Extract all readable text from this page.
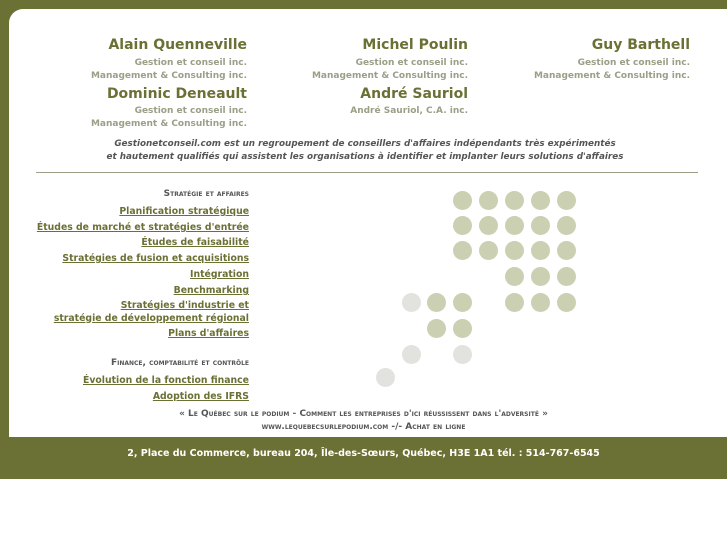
Alain Quenneville
Gestion et conseil inc.
Management & Consulting inc.
Michel Poulin
Gestion et conseil inc.
Management & Consulting inc.
Guy Barthell
Gestion et conseil inc.
Management & Consulting inc.
Dominic Deneault
Gestion et conseil inc.
Management & Consulting inc.
André Sauriol
André Sauriol, C.A. inc.
Gestionetconseil.com est un regroupement de conseillers d'affaires indépendants très expérimentés
et hautement qualifiés qui assistent les organisations à identifier et implanter leurs solutions d'affaires
Stratégie et affaires
Planification stratégique
Études de marché et stratégies d'entrée
Études de faisabilité
Stratégies de fusion et acquisitions
Intégration
Benchmarking
Stratégies d'industrie et
stratégie de développement régional
Plans d'affaires
Finance, comptabilité et contrôle
Évolution de la fonction finance
Adoption des IFRS
« Le Québec sur le podium - Comment les entreprises d'ici réussissent dans l'adversité »
www.lequebecsurlepodium.com -/- Achat en ligne
2, Place du Commerce, bureau 204, Île-des-Sœurs, Québec, H3E 1A1 tél. : 514-767-6545
